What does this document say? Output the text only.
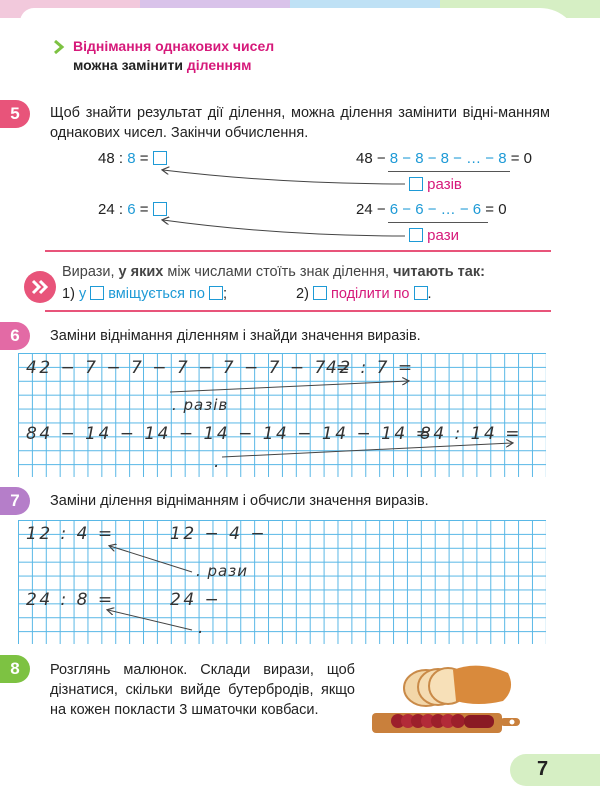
Віднімання однакових чисел
можна замінити діленням
5	Щоб знайти результат дії ділення, можна ділення замінити відні-манням однакових чисел. Закінчи обчислення.
48 : 8 =	48 − 8 − 8 − 8 − … − 8 = 0
разів
24 : 6 =	24 − 6 − 6 − … − 6 = 0
рази
Вирази, у яких між числами стоїть знак ділення, читають так:
1) у вміщується по ;	2) поділити по .
6	Заміни віднімання діленням і знайди значення виразів.
42 − 7 − 7 − 7 − 7 − 7 − 7 =
42 : 7 =
. разів
84 − 14 − 14 − 14 − 14 − 14 − 14 =
84 : 14 =
.
7	Заміни ділення відніманням і обчисли значення виразів.
12 : 4 =	12 − 4 −
. рази
24 : 8 =	24 −
.
8	Розглянь малюнок. Склади вирази, щоб дізнатися, скільки вийде бутербродів, якщо на кожен покласти 3 шматочки ковбаси.
7
